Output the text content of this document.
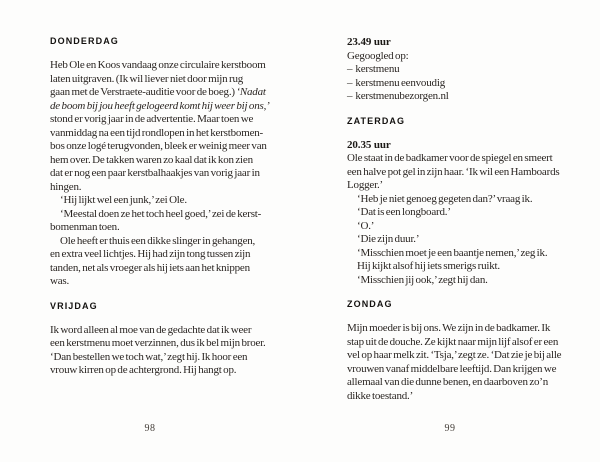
DONDERDAG
Heb Ole en Koos vandaag onze circulaire kerstboom
laten uitgraven. (Ik wil liever niet door mijn rug
gaan met de Verstraete-auditie voor de boeg.) ‘Nadat
de boom bij jou heeft gelogeerd komt hij weer bij ons,’
stond er vorig jaar in de advertentie. Maar toen we
vanmiddag na een tijd rondlopen in het kerstbomen-
bos onze logé terugvonden, bleek er weinig meer van
hem over. De takken waren zo kaal dat ik kon zien
dat er nog een paar kerstbalhaakjes van vorig jaar in
hingen.
‘Hij lijkt wel een junk,’ zei Ole.
‘Meestal doen ze het toch heel goed,’ zei de kerst-
bomenman toen.
Ole heeft er thuis een dikke slinger in gehangen,
en extra veel lichtjes. Hij had zijn tong tussen zijn
tanden, net als vroeger als hij iets aan het knippen
was.
VRIJDAG
Ik word alleen al moe van de gedachte dat ik weer
een kerstmenu moet verzinnen, dus ik bel mijn broer.
‘Dan bestellen we toch wat,’ zegt hij. Ik hoor een
vrouw kirren op de achtergrond. Hij hangt op.
23.49 uur
Gegoogled op:
–  kerstmenu
–  kerstmenu eenvoudig
–  kerstmenubezorgen.nl
ZATERDAG
20.35 uur
Ole staat in de badkamer voor de spiegel en smeert
een halve pot gel in zijn haar. ‘Ik wil een Hamboards
Logger.’
‘Heb je niet genoeg gegeten dan?’ vraag ik.
‘Dat is een longboard.’
‘O.’
‘Die zijn duur.’
‘Misschien moet je een baantje nemen,’ zeg ik.
Hij kijkt alsof hij iets smerigs ruikt.
‘Misschien jij ook,’ zegt hij dan.
ZONDAG
Mijn moeder is bij ons. We zijn in de badkamer. Ik
stap uit de douche. Ze kijkt naar mijn lijf alsof er een
vel op haar melk zit. ‘Tsja,’ zegt ze. ‘Dat zie je bij alle
vrouwen vanaf middelbare leeftijd. Dan krijgen we
allemaal van die dunne benen, en daarboven zo’n
dikke toestand.’
98	99
